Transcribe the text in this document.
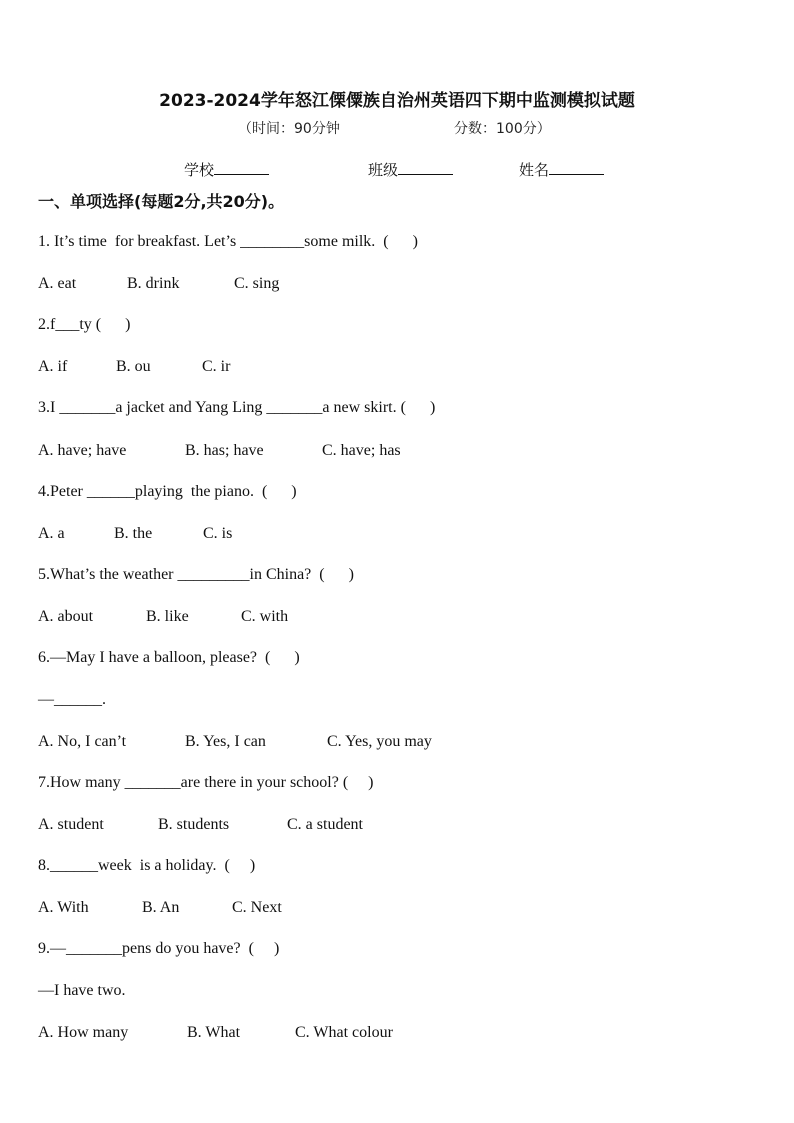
2023-2024学年怒江傈僳族自治州英语四下期中监测模拟试题
（时间：90分钟	分数：100分）
学校	班级	姓名
一、单项选择(每题2分,共20分)。
1. It’s time  for breakfast. Let’s ________some milk.  (      )
A. eat	B. drink	C. sing
2.f___ty (      )
A. if	B. ou	C. ir
3.I _______a jacket and Yang Ling _______a new skirt. (      )
A. have; have	B. has; have	C. have; has
4.Peter ______playing  the piano.  (      )
A. a	B. the	C. is
5.What’s the weather _________in China?  (      )
A. about	B. like	C. with
6.—May I have a balloon, please?  (      )
—______.
A. No, I can’t	B. Yes, I can	C. Yes, you may
7.How many _______are there in your school? (     )
A. student	B. students	C. a student
8.______week  is a holiday.  (     )
A. With	B. An	C. Next
9.—_______pens do you have?  (     )
—I have two.
A. How many	B. What	C. What colour
